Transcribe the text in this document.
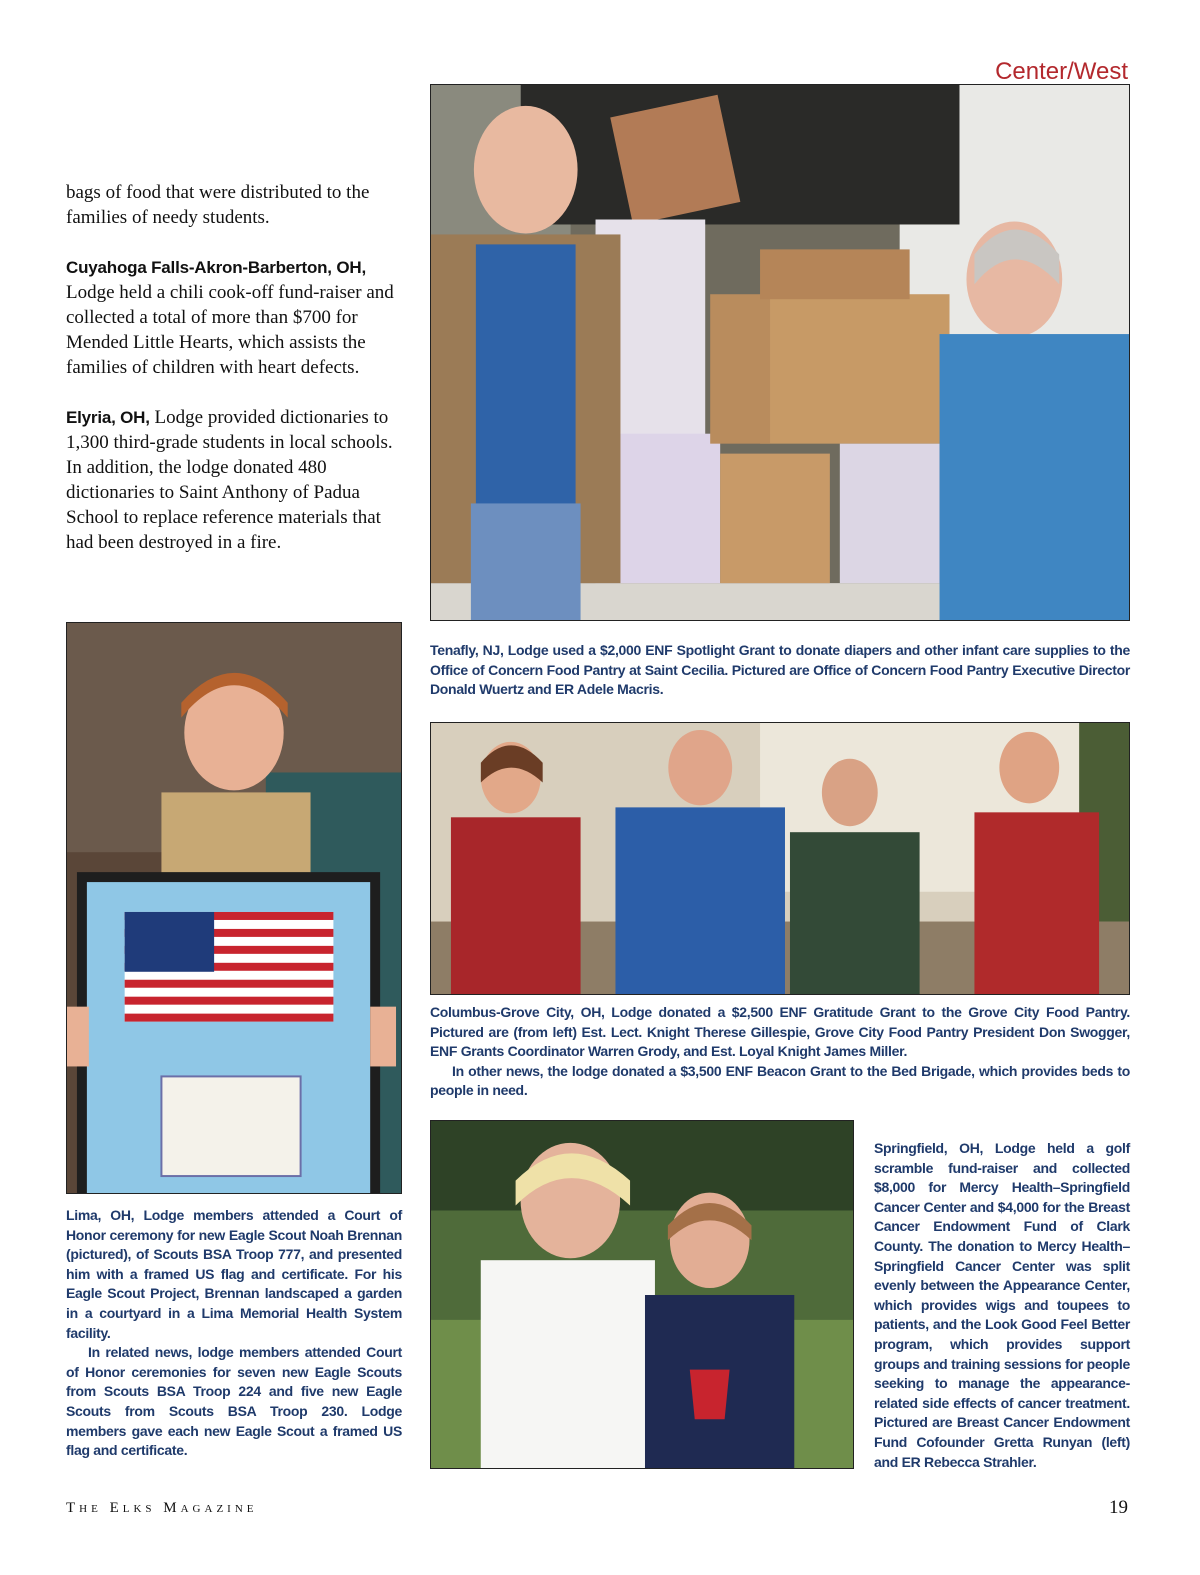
Center/West

bags of food that were distributed to the families of needy students.

Cuyahoga Falls-Akron-Barberton, OH, Lodge held a chili cook-off fund-raiser and collected a total of more than $700 for Mended Little Hearts, which assists the families of children with heart defects.

Elyria, OH, Lodge provided dictionaries to 1,300 third-grade students in local schools. In addition, the lodge donated 480 dictionaries to Saint Anthony of Padua School to replace reference materials that had been destroyed in a fire.

Tenafly, NJ, Lodge used a $2,000 ENF Spotlight Grant to donate diapers and other infant care supplies to the Office of Concern Food Pantry at Saint Cecilia. Pictured are Office of Concern Food Pantry Executive Director Donald Wuertz and ER Adele Macris.

Columbus-Grove City, OH, Lodge donated a $2,500 ENF Gratitude Grant to the Grove City Food Pantry. Pictured are (from left) Est. Lect. Knight Therese Gillespie, Grove City Food Pantry President Don Swogger, ENF Grants Coordinator Warren Grody, and Est. Loyal Knight James Miller.

In other news, the lodge donated a $3,500 ENF Beacon Grant to the Bed Brigade, which provides beds to people in need.

Lima, OH, Lodge members attended a Court of Honor ceremony for new Eagle Scout Noah Brennan (pictured), of Scouts BSA Troop 777, and presented him with a framed US flag and certificate. For his Eagle Scout Project, Brennan landscaped a garden in a courtyard in a Lima Memorial Health System facility.

In related news, lodge members attended Court of Honor ceremonies for seven new Eagle Scouts from Scouts BSA Troop 224 and five new Eagle Scouts from Scouts BSA Troop 230. Lodge members gave each new Eagle Scout a framed US flag and certificate.

Springfield, OH, Lodge held a golf scramble fund-raiser and collected $8,000 for Mercy Health–Springfield Cancer Center and $4,000 for the Breast Cancer Endowment Fund of Clark County. The donation to Mercy Health–Springfield Cancer Center was split evenly between the Appearance Center, which provides wigs and toupees to patients, and the Look Good Feel Better program, which provides support groups and training sessions for people seeking to manage the appearance-related side effects of cancer treatment. Pictured are Breast Cancer Endowment Fund Cofounder Gretta Runyan (left) and ER Rebecca Strahler.

The Elks Magazine	19
